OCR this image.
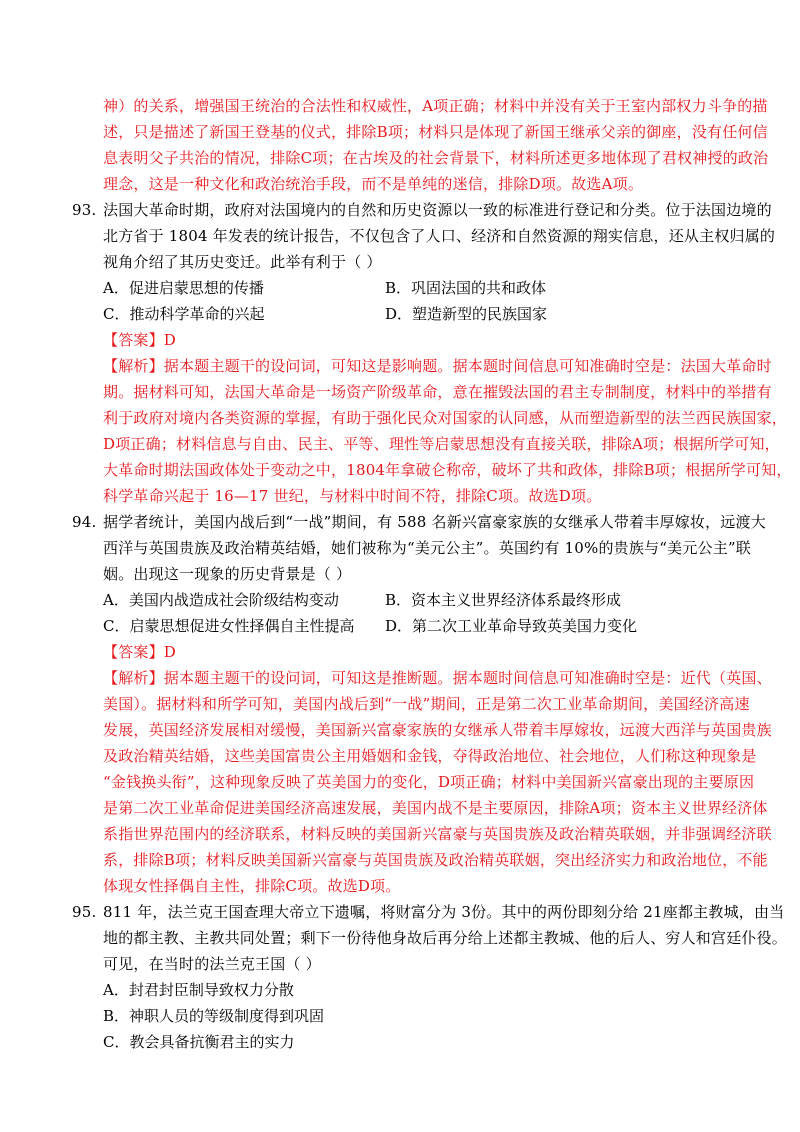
神）的关系，增强国王统治的合法性和权威性，A项正确；材料中并没有关于王室内部权力斗争的描
述，只是描述了新国王登基的仪式，排除B项；材料只是体现了新国王继承父亲的御座，没有任何信
息表明父子共治的情况，排除C项；在古埃及的社会背景下，材料所述更多地体现了君权神授的政治
理念，这是一种文化和政治统治手段，而不是单纯的迷信，排除D项。故选A项。
93. 法国大革命时期，政府对法国境内的自然和历史资源以一致的标准进行登记和分类。位于法国边境的
北方省于 1804 年发表的统计报告，不仅包含了人口、经济和自然资源的翔实信息，还从主权归属的
视角介绍了其历史变迁。此举有利于（ ）
A．促进启蒙思想的传播	B．巩固法国的共和政体
C．推动科学革命的兴起	D．塑造新型的民族国家
【答案】D
【解析】据本题主题干的设问词，可知这是影响题。据本题时间信息可知准确时空是：法国大革命时
期。据材料可知，法国大革命是一场资产阶级革命，意在摧毁法国的君主专制制度，材料中的举措有
利于政府对境内各类资源的掌握，有助于强化民众对国家的认同感，从而塑造新型的法兰西民族国家，
D项正确；材料信息与自由、民主、平等、理性等启蒙思想没有直接关联，排除A项；根据所学可知，
大革命时期法国政体处于变动之中，1804年拿破仑称帝，破坏了共和政体，排除B项；根据所学可知，
科学革命兴起于 16—17 世纪，与材料中时间不符，排除C项。故选D项。
94. 据学者统计，美国内战后到“一战”期间，有 588 名新兴富豪家族的女继承人带着丰厚嫁妆，远渡大
西洋与英国贵族及政治精英结婚，她们被称为“美元公主”。英国约有 10%的贵族与“美元公主”联
姻。出现这一现象的历史背景是（ ）
A．美国内战造成社会阶级结构变动	B．资本主义世界经济体系最终形成
C．启蒙思想促进女性择偶自主性提高 D．第二次工业革命导致英美国力变化
【答案】D
【解析】据本题主题干的设问词，可知这是推断题。据本题时间信息可知准确时空是：近代（英国、
美国）。据材料和所学可知，美国内战后到“一战”期间，正是第二次工业革命期间，美国经济高速
发展，英国经济发展相对缓慢，美国新兴富豪家族的女继承人带着丰厚嫁妆，远渡大西洋与英国贵族
及政治精英结婚，这些美国富贵公主用婚姻和金钱，夺得政治地位、社会地位，人们称这种现象是
“金钱换头衔”，这种现象反映了英美国力的变化，D项正确；材料中美国新兴富豪出现的主要原因
是第二次工业革命促进美国经济高速发展，美国内战不是主要原因，排除A项；资本主义世界经济体
系指世界范围内的经济联系，材料反映的美国新兴富豪与英国贵族及政治精英联姻，并非强调经济联
系，排除B项；材料反映美国新兴富豪与英国贵族及政治精英联姻，突出经济实力和政治地位，不能
体现女性择偶自主性，排除C项。故选D项。
95. 811 年，法兰克王国查理大帝立下遗嘱，将财富分为 3份。其中的两份即刻分给 21座都主教城，由当
地的都主教、主教共同处置；剩下一份待他身故后再分给上述都主教城、他的后人、穷人和宫廷仆役。
可见，在当时的法兰克王国（ ）
A．封君封臣制导致权力分散
B．神职人员的等级制度得到巩固
C．教会具备抗衡君主的实力
